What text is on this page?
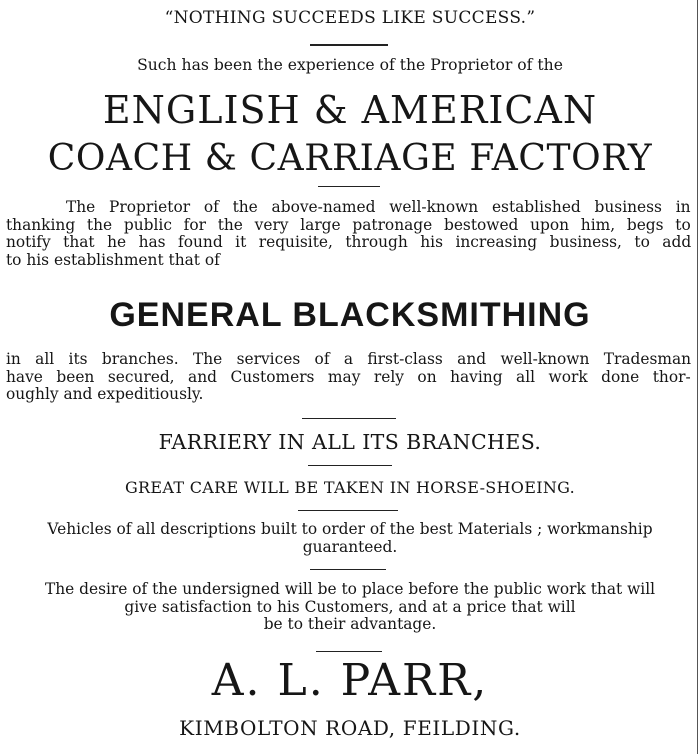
“NOTHING SUCCEEDS LIKE SUCCESS.”
Such has been the experience of the Proprietor of the
ENGLISH & AMERICAN
COACH & CARRIAGE FACTORY
The Proprietor of the above-named well-known established business in
thanking the public for the very large patronage bestowed upon him, begs to
notify that he has found it requisite, through his increasing business, to add
to his establishment that of
GENERAL BLACKSMITHING
in all its branches. The services of a first-class and well-known Tradesman
have been secured, and Customers may rely on having all work done thor-
oughly and expeditiously.
FARRIERY IN ALL ITS BRANCHES.
GREAT CARE WILL BE TAKEN IN HORSE-SHOEING.
Vehicles of all descriptions built to order of the best Materials ; workmanship
guaranteed.
The desire of the undersigned will be to place before the public work that will
give satisfaction to his Customers, and at a price that will
be to their advantage.
A. L. PARR,
KIMBOLTON ROAD, FEILDING.
